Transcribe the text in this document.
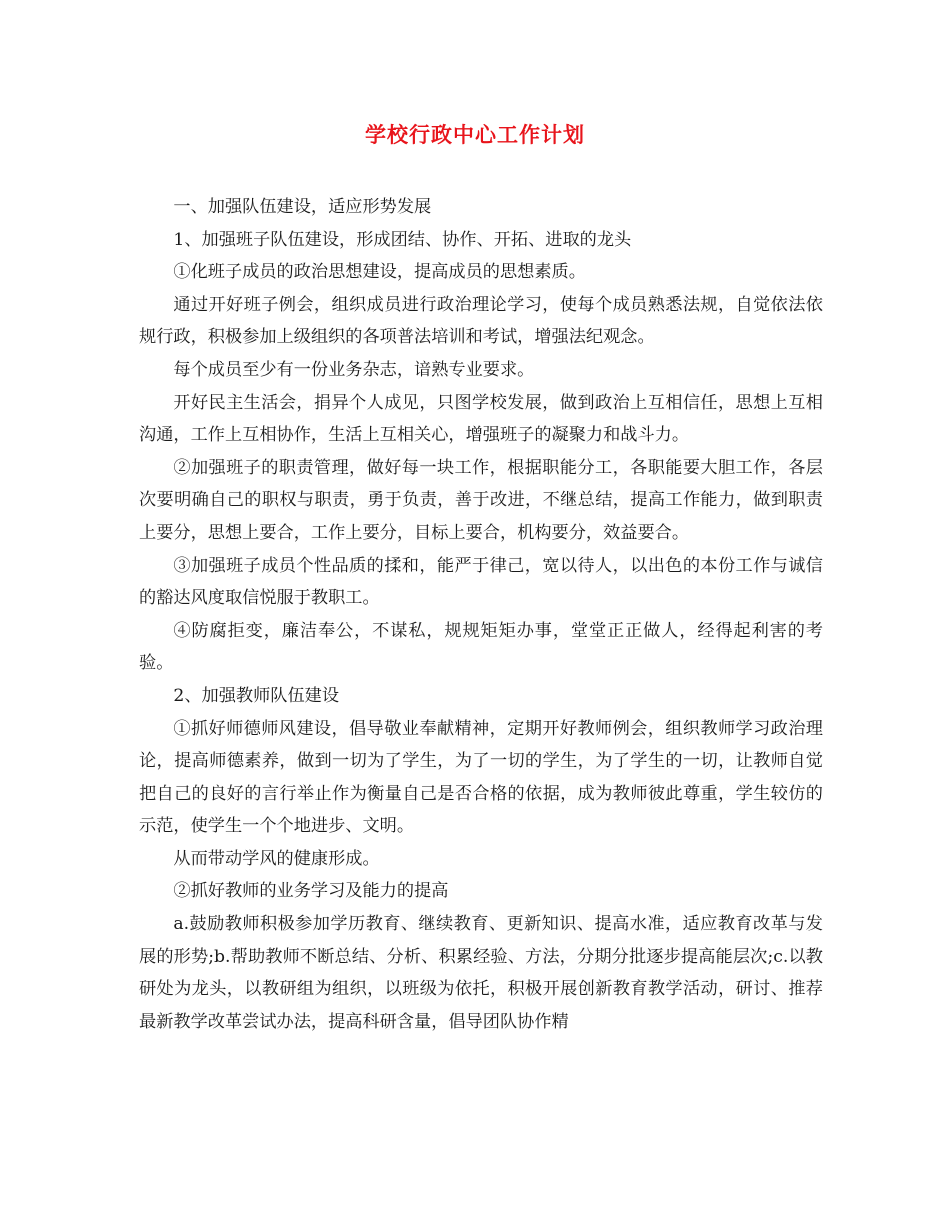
学校行政中心工作计划

一、加强队伍建设，适应形势发展

1、加强班子队伍建设，形成团结、协作、开拓、进取的龙头

①化班子成员的政治思想建设，提高成员的思想素质。

通过开好班子例会，组织成员进行政治理论学习，使每个成员熟悉法规，自觉依法依规行政，积极参加上级组织的各项普法培训和考试，增强法纪观念。

每个成员至少有一份业务杂志，谙熟专业要求。

开好民主生活会，捐异个人成见，只图学校发展，做到政治上互相信任，思想上互相沟通，工作上互相协作，生活上互相关心，增强班子的凝聚力和战斗力。

②加强班子的职责管理，做好每一块工作，根据职能分工，各职能要大胆工作，各层次要明确自己的职权与职责，勇于负责，善于改进，不继总结，提高工作能力，做到职责上要分，思想上要合，工作上要分，目标上要合，机构要分，效益要合。

③加强班子成员个性品质的揉和，能严于律己，宽以待人，以出色的本份工作与诚信的豁达风度取信悦服于教职工。

④防腐拒变，廉洁奉公，不谋私，规规矩矩办事，堂堂正正做人，经得起利害的考验。

2、加强教师队伍建设

①抓好师德师风建设，倡导敬业奉献精神，定期开好教师例会，组织教师学习政治理论，提高师德素养，做到一切为了学生，为了一切的学生，为了学生的一切，让教师自觉把自己的良好的言行举止作为衡量自己是否合格的依据，成为教师彼此尊重，学生较仿的示范，使学生一个个地进步、文明。

从而带动学风的健康形成。

②抓好教师的业务学习及能力的提高

a.鼓励教师积极参加学历教育、继续教育、更新知识、提高水准，适应教育改革与发展的形势;b.帮助教师不断总结、分析、积累经验、方法，分期分批逐步提高能层次;c.以教研处为龙头，以教研组为组织，以班级为依托，积极开展创新教育教学活动，研讨、推荐最新教学改革尝试办法，提高科研含量，倡导团队协作精
